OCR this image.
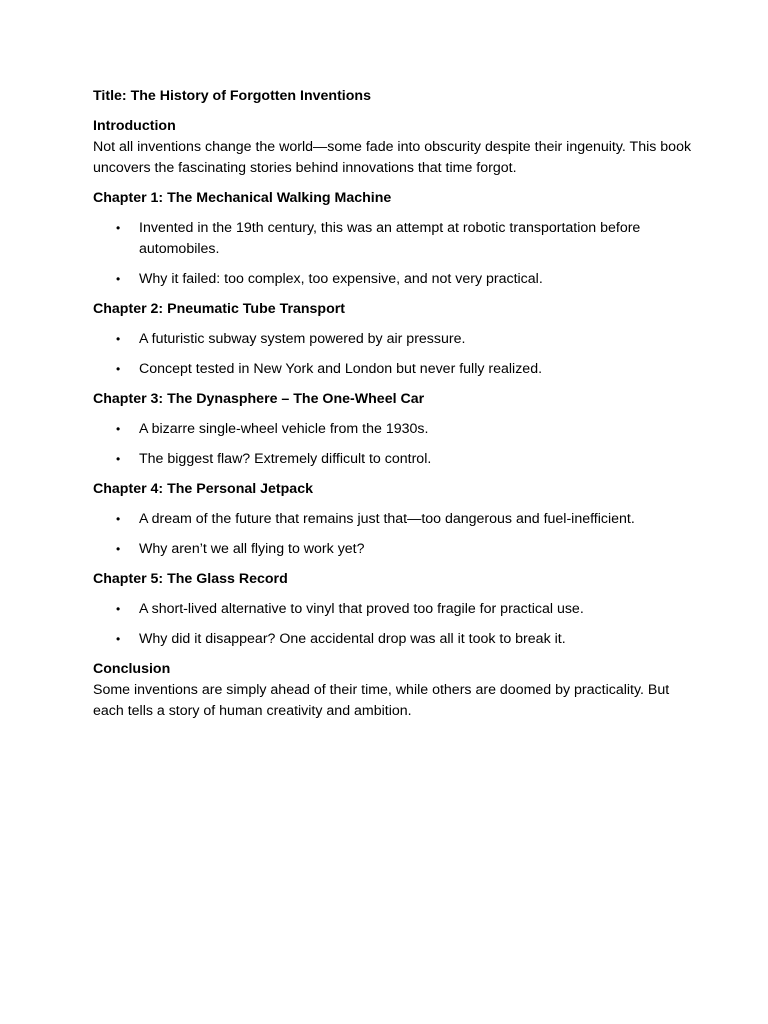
Title: The History of Forgotten Inventions

Introduction

Not all inventions change the world—some fade into obscurity despite their ingenuity. This book uncovers the fascinating stories behind innovations that time forgot.

Chapter 1: The Mechanical Walking Machine

• Invented in the 19th century, this was an attempt at robotic transportation before automobiles.
• Why it failed: too complex, too expensive, and not very practical.

Chapter 2: Pneumatic Tube Transport

• A futuristic subway system powered by air pressure.
• Concept tested in New York and London but never fully realized.

Chapter 3: The Dynasphere – The One-Wheel Car

• A bizarre single-wheel vehicle from the 1930s.
• The biggest flaw? Extremely difficult to control.

Chapter 4: The Personal Jetpack

• A dream of the future that remains just that—too dangerous and fuel-inefficient.
• Why aren’t we all flying to work yet?

Chapter 5: The Glass Record

• A short-lived alternative to vinyl that proved too fragile for practical use.
• Why did it disappear? One accidental drop was all it took to break it.

Conclusion

Some inventions are simply ahead of their time, while others are doomed by practicality. But each tells a story of human creativity and ambition.
